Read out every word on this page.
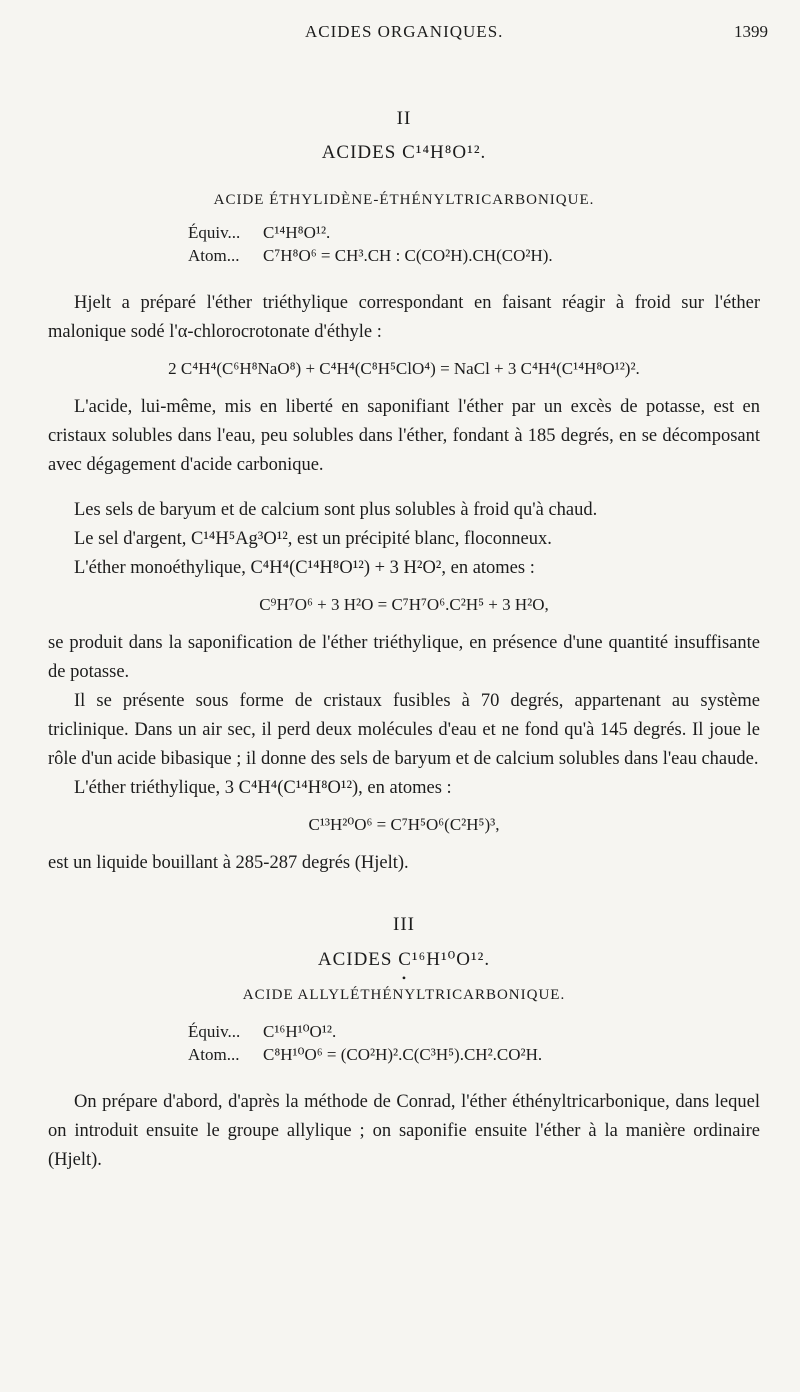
ACIDES ORGANIQUES.	1399
II
ACIDES C¹⁴H⁸O¹².
ACIDE ÉTHYLIDÈNE-ÉTHÉNYLTRICARBONIQUE.
Équiv...	C¹⁴H⁸O¹².
Atom...	C⁷H⁸O⁶ = CH³.CH : C(CO²H).CH(CO²H).

Hjelt a préparé l'éther triéthylique correspondant en faisant réagir à froid sur l'éther malonique sodé l'α-chlorocrotonate d'éthyle :

2 C⁴H⁴(C⁶H⁸NaO⁸) + C⁴H⁴(C⁸H⁵ClO⁴) = NaCl + 3 C⁴H⁴(C¹⁴H⁸O¹²)².

L'acide, lui-même, mis en liberté en saponifiant l'éther par un excès de potasse, est en cristaux solubles dans l'eau, peu solubles dans l'éther, fondant à 185 degrés, en se décomposant avec dégagement d'acide carbonique.

Les sels de baryum et de calcium sont plus solubles à froid qu'à chaud.

Le sel d'argent, C¹⁴H⁵Ag³O¹², est un précipité blanc, floconneux.

L'éther monoéthylique, C⁴H⁴(C¹⁴H⁸O¹²) + 3 H²O², en atomes :

C⁹H⁷O⁶ + 3 H²O = C⁷H⁷O⁶.C²H⁵ + 3 H²O,

se produit dans la saponification de l'éther triéthylique, en présence d'une quantité insuffisante de potasse.

Il se présente sous forme de cristaux fusibles à 70 degrés, appartenant au système triclinique. Dans un air sec, il perd deux molécules d'eau et ne fond qu'à 145 degrés. Il joue le rôle d'un acide bibasique ; il donne des sels de baryum et de calcium solubles dans l'eau chaude.

L'éther triéthylique, 3 C⁴H⁴(C¹⁴H⁸O¹²), en atomes :

C¹³H²⁰O⁶ = C⁷H⁵O⁶(C²H⁵)³,

est un liquide bouillant à 285-287 degrés (Hjelt).

III
ACIDES C¹⁶H¹⁰O¹².
•
ACIDE ALLYLÉTHÉNYLTRICARBONIQUE.
Équiv...	C¹⁶H¹⁰O¹².
Atom...	C⁸H¹⁰O⁶ = (CO²H)².C(C³H⁵).CH².CO²H.

On prépare d'abord, d'après la méthode de Conrad, l'éther éthényltricarbonique, dans lequel on introduit ensuite le groupe allylique ; on saponifie ensuite l'éther à la manière ordinaire (Hjelt).
